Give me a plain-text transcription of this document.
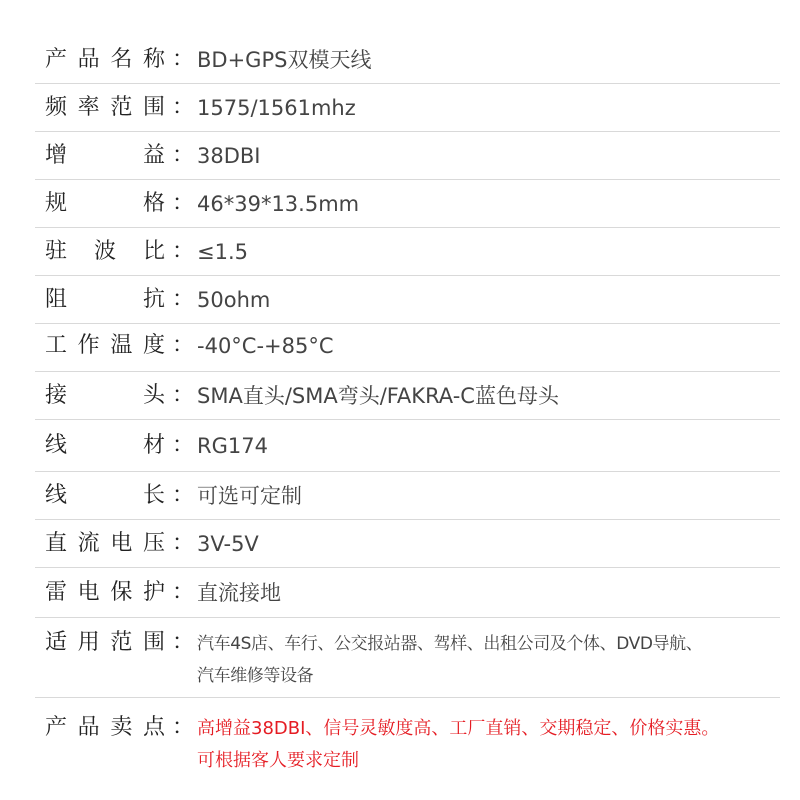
产 品 名 称 ： BD+GPS双模天线
频 率 范 围 ： 1575/1561mhz
增	益 ： 38DBI
规	格 ： 46*39*13.5mm
驻 波 比 ： ≤1.5
阻	抗 ： 50ohm
工 作 温 度 ： -40°C-+85°C
接	头 ： SMA直头/SMA弯头/FAKRA-C蓝色母头
线	材 ： RG174
线	长 ： 可选可定制
直 流 电 压 ： 3V-5V
雷 电 保 护 ： 直流接地
适 用 范 围 ： 汽车4S店、车行、公交报站器、驾样、出租公司及个体、DVD导航、
汽车维修等设备
产 品 卖 点 ： 高增益38DBI、信号灵敏度高、工厂直销、交期稳定、价格实惠。
可根据客人要求定制
